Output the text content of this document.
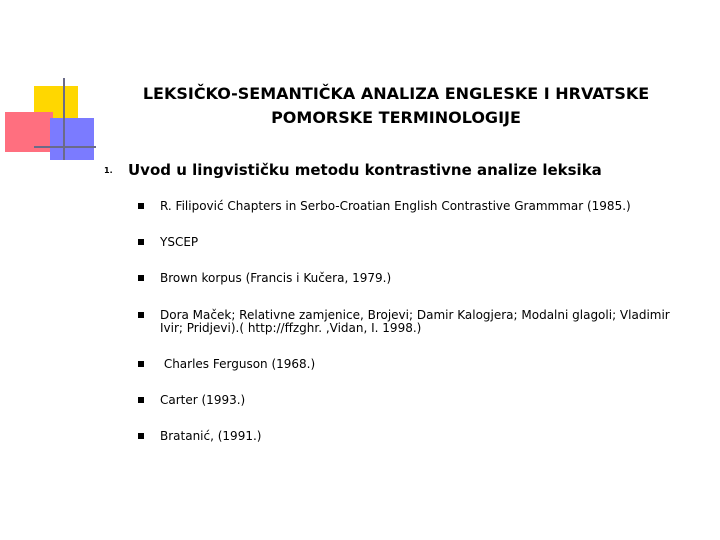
LEKSIČKO-SEMANTIČKA ANALIZA ENGLESKE I HRVATSKE
POMORSKE TERMINOLOGIJE
1. Uvod u lingvističku metodu kontrastivne analize leksika
R. Filipović Chapters in Serbo-Croatian English Contrastive Grammmar (1985.)
YSCEP
Brown korpus (Francis i Kučera, 1979.)
Dora Maček; Relativne zamjenice, Brojevi; Damir Kalogjera; Modalni glagoli; Vladimir
Ivir; Pridjevi).( http://ffzghr. ,Vidan, I. 1998.)
Charles Ferguson (1968.)
Carter (1993.)
Bratanić, (1991.)
